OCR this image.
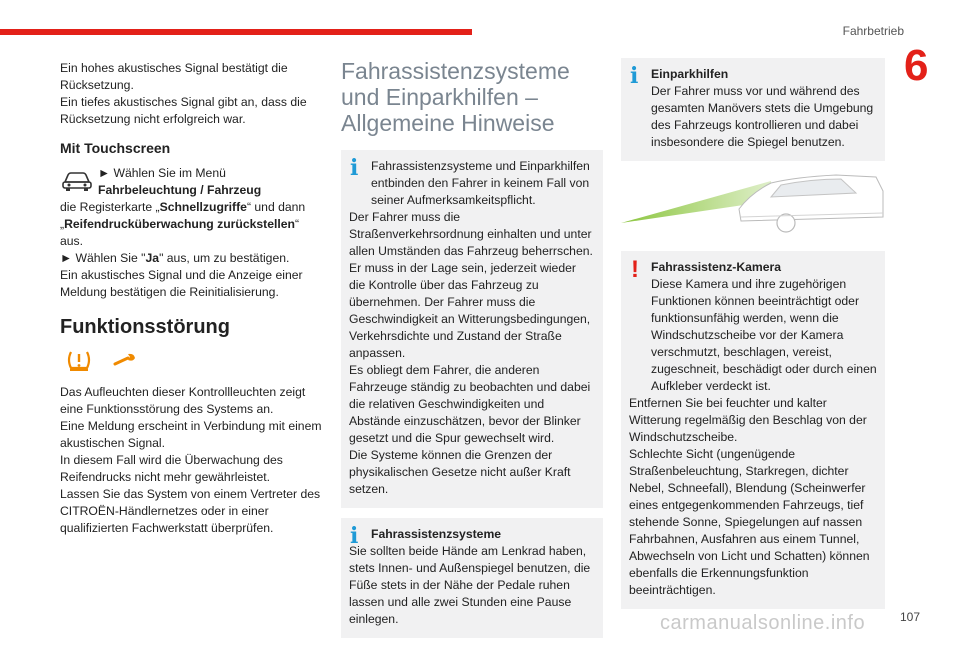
Fahrbetrieb
6

Ein hohes akustisches Signal bestätigt die Rücksetzung.

Ein tiefes akustisches Signal gibt an, dass die Rücksetzung nicht erfolgreich war.

Mit Touchscreen

► Wählen Sie im Menü Fahrbeleuchtung / Fahrzeug

die Registerkarte „Schnellzugriffe“ und dann „Reifendrucküberwachung zurückstellen“ aus.

► Wählen Sie "Ja" aus, um zu bestätigen.

Ein akustisches Signal und die Anzeige einer Meldung bestätigen die Reinitialisierung.

Funktionsstörung

Das Aufleuchten dieser Kontrollleuchten zeigt eine Funktionsstörung des Systems an.

Eine Meldung erscheint in Verbindung mit einem akustischen Signal.

In diesem Fall wird die Überwachung des Reifendrucks nicht mehr gewährleistet.

Lassen Sie das System von einem Vertreter des CITROËN-Händlernetzes oder in einer qualifizierten Fachwerkstatt überprüfen.

Fahrassistenzsysteme und Einparkhilfen – Allgemeine Hinweise
i	Fahrassistenzsysteme und Einparkhilfen entbinden den Fahrer in keinem Fall von seiner Aufmerksamkeitspflicht.

Der Fahrer muss die Straßenverkehrsordnung einhalten und unter allen Umständen das Fahrzeug beherrschen. Er muss in der Lage sein, jederzeit wieder die Kontrolle über das Fahrzeug zu übernehmen. Der Fahrer muss die Geschwindigkeit an Witterungsbedingungen, Verkehrsdichte und Zustand der Straße anpassen.

Es obliegt dem Fahrer, die anderen Fahrzeuge ständig zu beobachten und dabei die relativen Geschwindigkeiten und Abstände einzuschätzen, bevor der Blinker gesetzt und die Spur gewechselt wird.

Die Systeme können die Grenzen der physikalischen Gesetze nicht außer Kraft setzen.

i	Fahrassistenzsysteme

Sie sollten beide Hände am Lenkrad haben, stets Innen- und Außenspiegel benutzen, die Füße stets in der Nähe der Pedale ruhen lassen und alle zwei Stunden eine Pause einlegen.

i	Einparkhilfen

Der Fahrer muss vor und während des gesamten Manövers stets die Umgebung des Fahrzeugs kontrollieren und dabei insbesondere die Spiegel benutzen.

! Fahrassistenz-Kamera

Diese Kamera und ihre zugehörigen Funktionen können beeinträchtigt oder funktionsunfähig werden, wenn die Windschutzscheibe vor der Kamera verschmutzt, beschlagen, vereist, zugeschneit, beschädigt oder durch einen Aufkleber verdeckt ist.

Entfernen Sie bei feuchter und kalter Witterung regelmäßig den Beschlag von der Windschutzscheibe.

Schlechte Sicht (ungenügende Straßenbeleuchtung, Starkregen, dichter Nebel, Schneefall), Blendung (Scheinwerfer eines entgegenkommenden Fahrzeugs, tief stehende Sonne, Spiegelungen auf nassen Fahrbahnen, Ausfahren aus einem Tunnel, Abwechseln von Licht und Schatten) können ebenfalls die Erkennungsfunktion beeinträchtigen.

carmanualsonline.info	107
